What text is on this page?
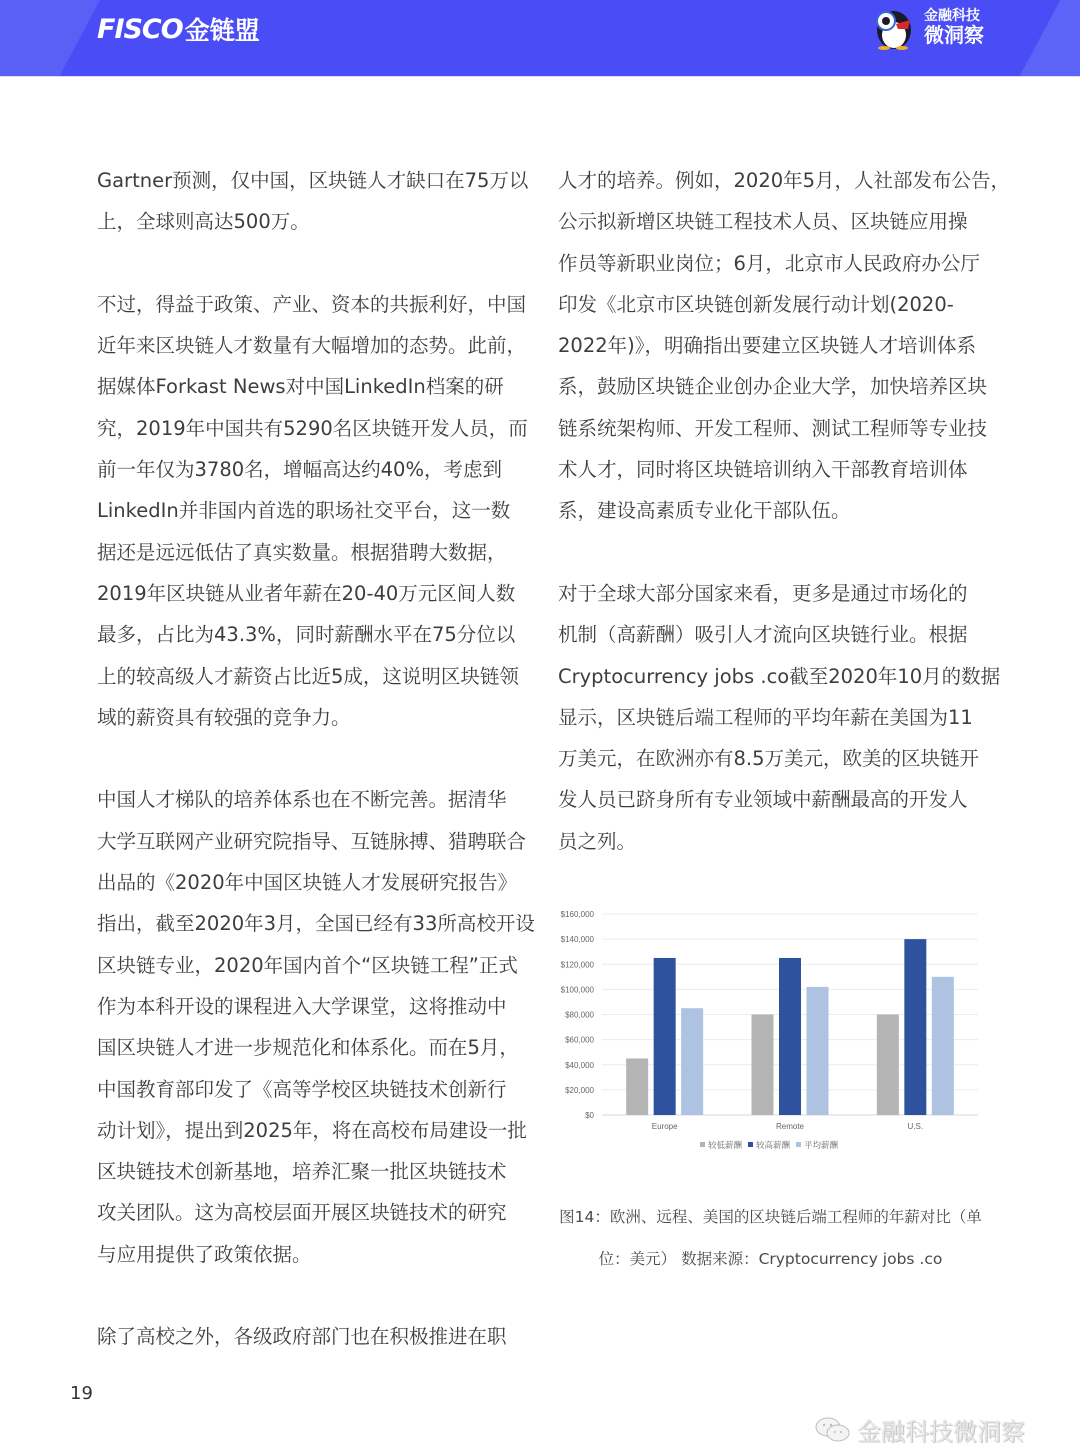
FISCO 金链盟	金融科技
微洞察
Gartner预测，仅中国，区块链人才缺口在75万以
上，全球则高达500万。
不过，得益于政策、产业、资本的共振利好，中国
近年来区块链人才数量有大幅增加的态势。此前，
据媒体Forkast News对中国LinkedIn档案的研
究，2019年中国共有5290名区块链开发人员，而
前一年仅为3780名，增幅高达约40%，考虑到
LinkedIn并非国内首选的职场社交平台，这一数
据还是远远低估了真实数量。根据猎聘大数据，
2019年区块链从业者年薪在20-40万元区间人数
最多，占比为43.3%，同时薪酬水平在75分位以
上的较高级人才薪资占比近5成，这说明区块链领
域的薪资具有较强的竞争力。
中国人才梯队的培养体系也在不断完善。据清华
大学互联网产业研究院指导、互链脉搏、猎聘联合
出品的《2020年中国区块链人才发展研究报告》
指出，截至2020年3月，全国已经有33所高校开设
区块链专业，2020年国内首个“区块链工程”正式
作为本科开设的课程进入大学课堂，这将推动中
国区块链人才进一步规范化和体系化。而在5月，
中国教育部印发了《高等学校区块链技术创新行
动计划》，提出到2025年，将在高校布局建设一批
区块链技术创新基地，培养汇聚一批区块链技术
攻关团队。这为高校层面开展区块链技术的研究
与应用提供了政策依据。
除了高校之外，各级政府部门也在积极推进在职
人才的培养。例如，2020年5月，人社部发布公告，
公示拟新增区块链工程技术人员、区块链应用操
作员等新职业岗位；6月，北京市人民政府办公厅
印发《北京市区块链创新发展行动计划(2020-
2022年)》，明确指出要建立区块链人才培训体系
系，鼓励区块链企业创办企业大学，加快培养区块
链系统架构师、开发工程师、测试工程师等专业技
术人才，同时将区块链培训纳入干部教育培训体
系，建设高素质专业化干部队伍。
对于全球大部分国家来看，更多是通过市场化的
机制（高薪酬）吸引人才流向区块链行业。根据
Cryptocurrency jobs .co截至2020年10月的数据
显示，区块链后端工程师的平均年薪在美国为11
万美元，在欧洲亦有8.5万美元，欧美的区块链开
发人员已跻身所有专业领域中薪酬最高的开发人
员之列。
$0
$20,000
$40,000
$60,000
$80,000
$100,000
$120,000
$140,000
$160,000
Europe	Remote	U.S.
较低薪酬 较高薪酬 平均薪酬
图14：欧洲、远程、美国的区块链后端工程师的年薪对比（单
位：美元） 数据来源：Cryptocurrency jobs .co
19
金融科技微洞察
